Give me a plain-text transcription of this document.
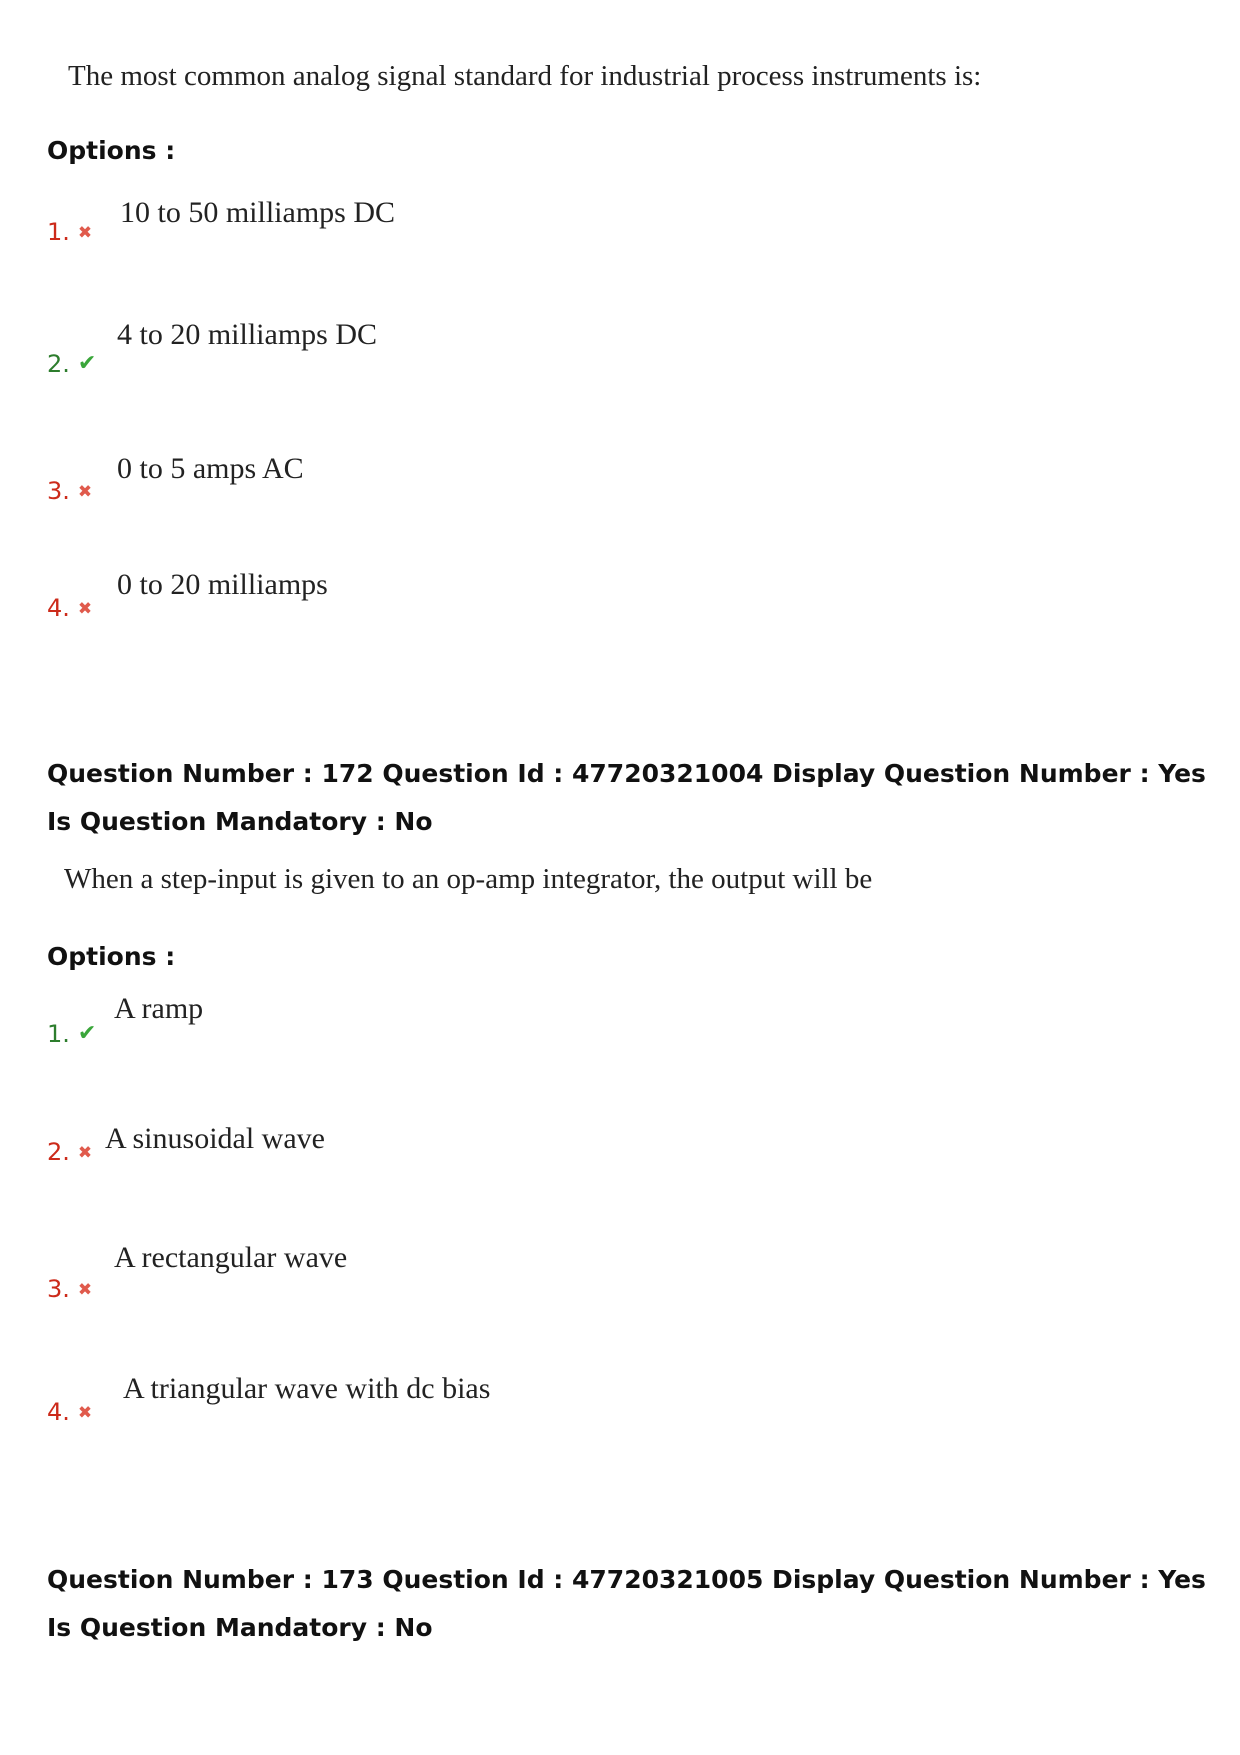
The most common analog signal standard for industrial process instruments is:
Options :
1. ✖
10 to 50 milliamps DC
2. ✔
4 to 20 milliamps DC
3. ✖
0 to 5 amps AC
4. ✖
0 to 20 milliamps
Question Number : 172 Question Id : 47720321004 Display Question Number : Yes Is Question Mandatory : No
When a step-input is given to an op-amp integrator, the output will be
Options :
1. ✔
A ramp
2. ✖ A sinusoidal wave
3. ✖
A rectangular wave
4. ✖
A triangular wave with dc bias
Question Number : 173 Question Id : 47720321005 Display Question Number : Yes Is Question Mandatory : No
